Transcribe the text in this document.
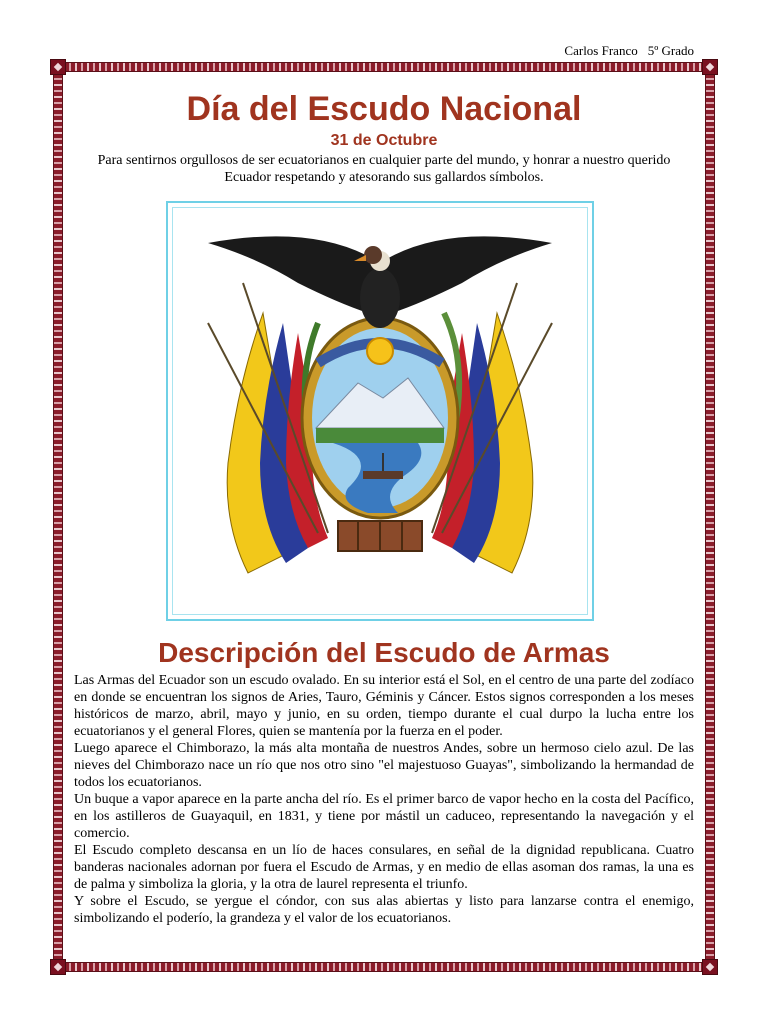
Carlos Franco 5º Grado
Día del Escudo Nacional
31 de Octubre
Para sentirnos orgullosos de ser ecuatorianos en cualquier parte del mundo, y honrar a nuestro querido Ecuador respetando y atesorando sus gallardos símbolos.
Descripción del Escudo de Armas

Las Armas del Ecuador son un escudo ovalado. En su interior está el Sol, en el centro de una parte del zodíaco en donde se encuentran los signos de Aries, Tauro, Géminis y Cáncer. Estos signos corresponden a los meses históricos de marzo, abril, mayo y junio, en su orden, tiempo durante el cual durpo la lucha entre los ecuatorianos y el general Flores, quien se mantenía por la fuerza en el poder.

Luego aparece el Chimborazo, la más alta montaña de nuestros Andes, sobre un hermoso cielo azul. De las nieves del Chimborazo nace un río que nos otro sino "el majestuoso Guayas", simbolizando la hermandad de todos los ecuatorianos.

Un buque a vapor aparece en la parte ancha del río. Es el primer barco de vapor hecho en la costa del Pacífico, en los astilleros de Guayaquil, en 1831, y tiene por mástil un caduceo, representando la navegación y el comercio.

El Escudo completo descansa en un lío de haces consulares, en señal de la dignidad republicana. Cuatro banderas nacionales adornan por fuera el Escudo de Armas, y en medio de ellas asoman dos ramas, la una es de palma y simboliza la gloria, y la otra de laurel representa el triunfo.

Y sobre el Escudo, se yergue el cóndor, con sus alas abiertas y listo para lanzarse contra el enemigo, simbolizando el poderío, la grandeza y el valor de los ecuatorianos.
